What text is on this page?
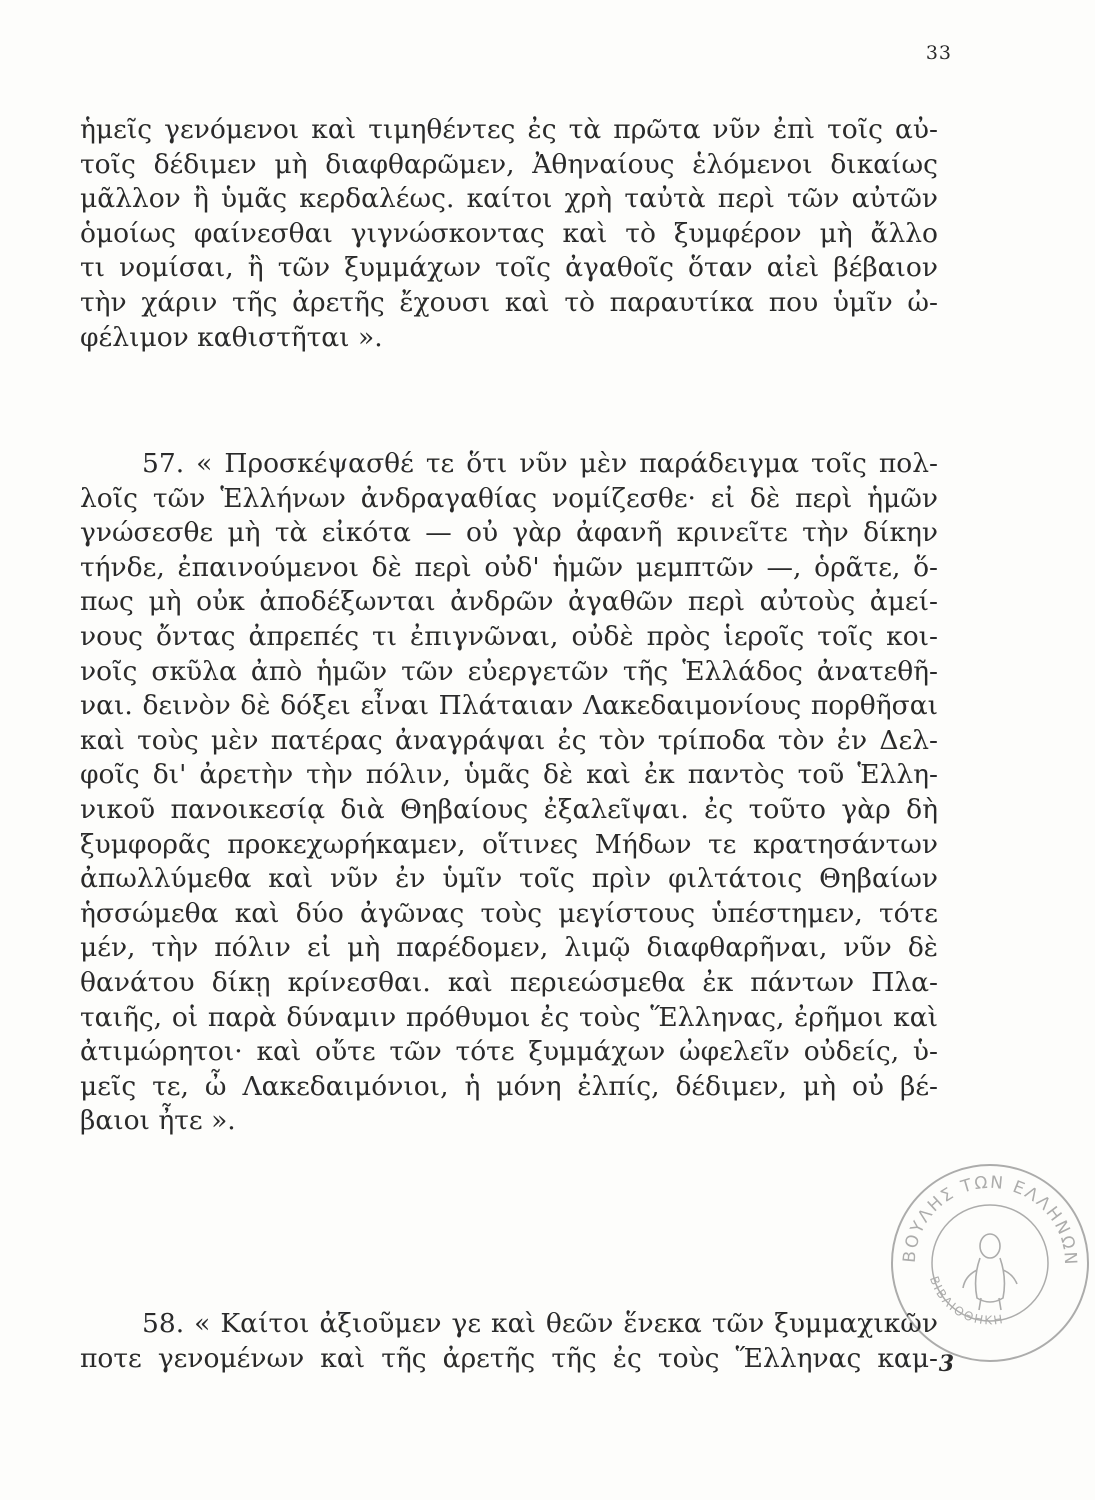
33
ἡμεῖς γενόμενοι καὶ τιμηθέντες ἐς τὰ πρῶτα νῦν ἐπὶ τοῖς αὐ-
τοῖς δέδιμεν μὴ διαφθαρῶμεν, Ἀθηναίους ἑλόμενοι δικαίως
μᾶλλον ἢ ὑμᾶς κερδαλέως. καίτοι χρὴ ταὐτὰ περὶ τῶν αὐτῶν
ὁμοίως φαίνεσθαι γιγνώσκοντας καὶ τὸ ξυμφέρον μὴ ἄλλο
τι νομίσαι, ἢ τῶν ξυμμάχων τοῖς ἀγαθοῖς ὅταν αἰεὶ βέβαιον
τὴν χάριν τῆς ἀρετῆς ἔχουσι καὶ τὸ παραυτίκα που ὑμῖν ὠ-
φέλιμον καθιστῆται ».
57. « Προσκέψασθέ τε ὅτι νῦν μὲν παράδειγμα τοῖς πολ-
λοῖς τῶν Ἑλλήνων ἀνδραγαθίας νομίζεσθε· εἰ δὲ περὶ ἡμῶν
γνώσεσθε μὴ τὰ εἰκότα — οὐ γὰρ ἀφανῆ κρινεῖτε τὴν δίκην
τήνδε, ἐπαινούμενοι δὲ περὶ οὐδ' ἡμῶν μεμπτῶν —, ὁρᾶτε, ὅ-
πως μὴ οὐκ ἀποδέξωνται ἀνδρῶν ἀγαθῶν περὶ αὐτοὺς ἀμεί-
νους ὄντας ἀπρεπές τι ἐπιγνῶναι, οὐδὲ πρὸς ἱεροῖς τοῖς κοι-
νοῖς σκῦλα ἀπὸ ἡμῶν τῶν εὐεργετῶν τῆς Ἑλλάδος ἀνατεθῆ-
ναι. δεινὸν δὲ δόξει εἶναι Πλάταιαν Λακεδαιμονίους πορθῆσαι
καὶ τοὺς μὲν πατέρας ἀναγράψαι ἐς τὸν τρίποδα τὸν ἐν Δελ-
φοῖς δι' ἀρετὴν τὴν πόλιν, ὑμᾶς δὲ καὶ ἐκ παντὸς τοῦ Ἑλλη-
νικοῦ πανοικεσίᾳ διὰ Θηβαίους ἐξαλεῖψαι. ἐς τοῦτο γὰρ δὴ
ξυμφορᾶς προκεχωρήκαμεν, οἵτινες Μήδων τε κρατησάντων
ἀπωλλύμεθα καὶ νῦν ἐν ὑμῖν τοῖς πρὶν φιλτάτοις Θηβαίων
ἡσσώμεθα καὶ δύο ἀγῶνας τοὺς μεγίστους ὑπέστημεν, τότε
μέν, τὴν πόλιν εἰ μὴ παρέδομεν, λιμῷ διαφθαρῆναι, νῦν δὲ
θανάτου δίκῃ κρίνεσθαι. καὶ περιεώσμεθα ἐκ πάντων Πλα-
ταιῆς, οἱ παρὰ δύναμιν πρόθυμοι ἐς τοὺς Ἕλληνας, ἐρῆμοι καὶ
ἀτιμώρητοι· καὶ οὔτε τῶν τότε ξυμμάχων ὠφελεῖν οὐδείς, ὑ-
μεῖς τε, ὦ Λακεδαιμόνιοι, ἡ μόνη ἐλπίς, δέδιμεν, μὴ οὐ βέ-
βαιοι ἦτε ».
58. « Καίτοι ἀξιοῦμεν γε καὶ θεῶν ἕνεκα τῶν ξυμμαχικῶν
ποτε γενομένων καὶ τῆς ἀρετῆς τῆς ἐς τοὺς Ἕλληνας καμ- 3
ΒΟΥΛΗΣ ΤΩΝ ΕΛΛΗΝΩΝ
ΒΙΒΛΙΟΘΗΚΗ
